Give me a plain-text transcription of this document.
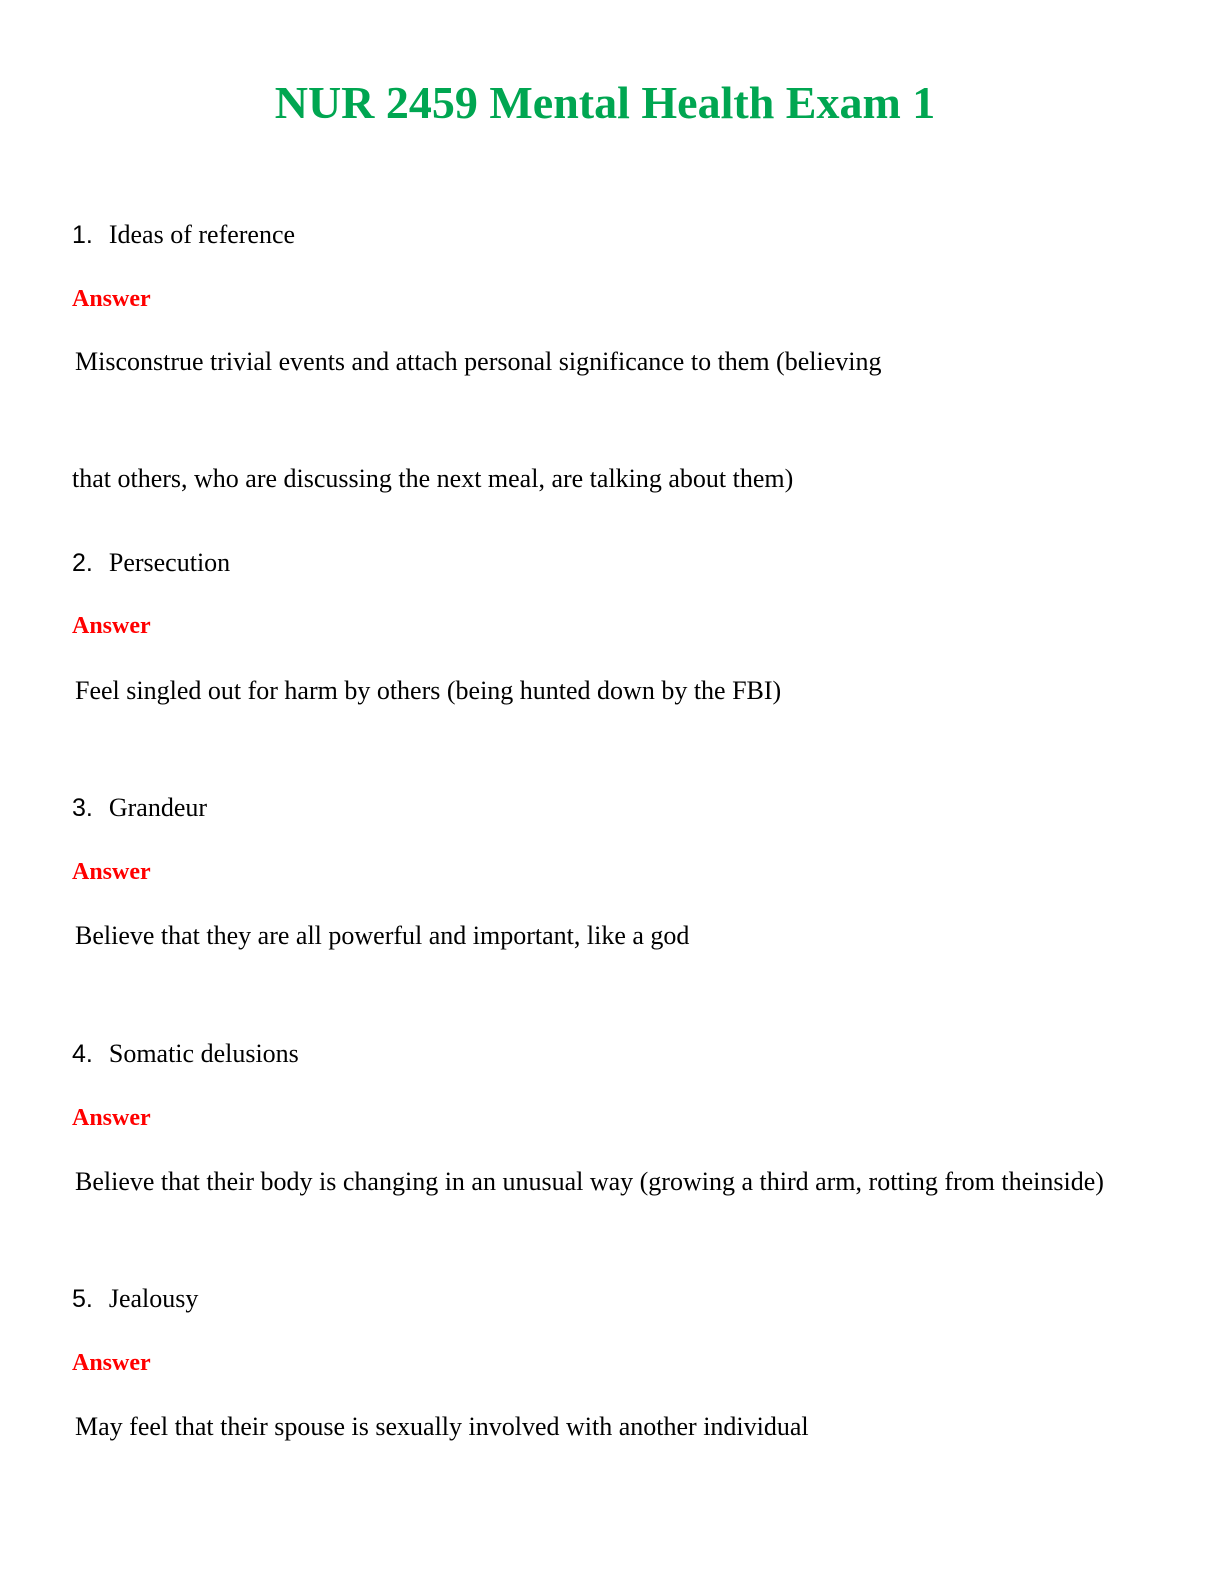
NUR 2459 Mental Health Exam 1
1. Ideas of reference
Answer
Misconstrue trivial events and attach personal significance to them (believing
that others, who are discussing the next meal, are talking about them)
2. Persecution
Answer
Feel singled out for harm by others (being hunted down by the FBI)
3. Grandeur
Answer
Believe that they are all powerful and important, like a god
4. Somatic delusions
Answer
Believe that their body is changing in an unusual way (growing a third arm, rotting from theinside)
5. Jealousy
Answer
May feel that their spouse is sexually involved with another individual
